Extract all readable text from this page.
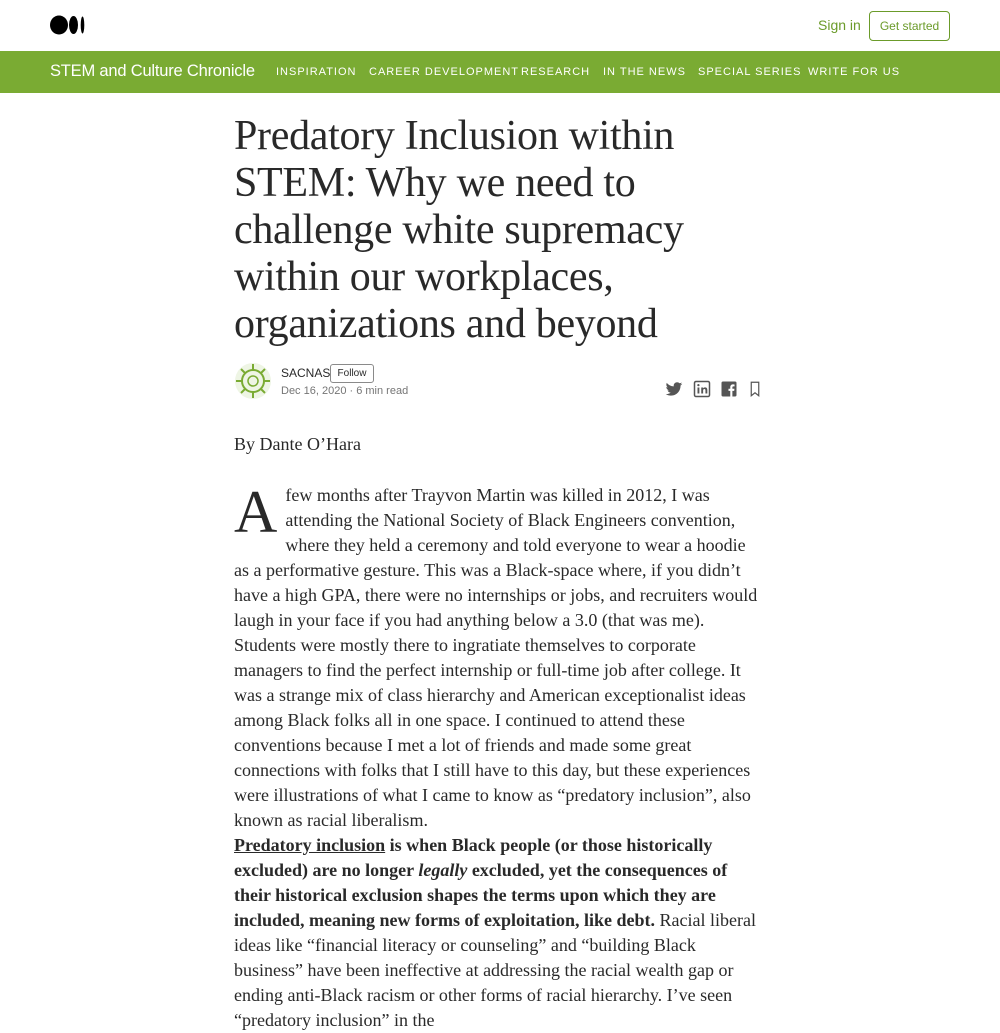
Sign in	Get started
STEM and Culture Chronicle INSPIRATION CAREER DEVELOPMENT RESEARCH IN THE NEWS SPECIAL SERIES WRITE FOR US
Predatory Inclusion within STEM: Why we need to challenge white supremacy within our workplaces, organizations and beyond
SACNAS Follow
Dec 16, 2020 · 6 min read
By Dante O’Hara

Afew months after Trayvon Martin was killed in 2012, I was attending the National Society of Black Engineers convention, where they held a ceremony and told everyone to wear a hoodie as a performative gesture. This was a Black-space where, if you didn’t have a high GPA, there were no internships or jobs, and recruiters would laugh in your face if you had anything below a 3.0 (that was me). Students were mostly there to ingratiate themselves to corporate managers to find the perfect internship or full-time job after college. It was a strange mix of class hierarchy and American exceptionalist ideas among Black folks all in one space. I continued to attend these conventions because I met a lot of friends and made some great connections with folks that I still have to this day, but these experiences were illustrations of what I came to know as “predatory inclusion”, also known as racial liberalism.

Predatory inclusion is when Black people (or those historically excluded) are no longer legally excluded, yet the consequences of their historical exclusion shapes the terms upon which they are included, meaning new forms of exploitation, like debt. Racial liberal ideas like “financial literacy or counseling” and “building Black business” have been ineffective at addressing the racial wealth gap or ending anti-Black racism or other forms of racial hierarchy. I’ve seen “predatory inclusion” in the
